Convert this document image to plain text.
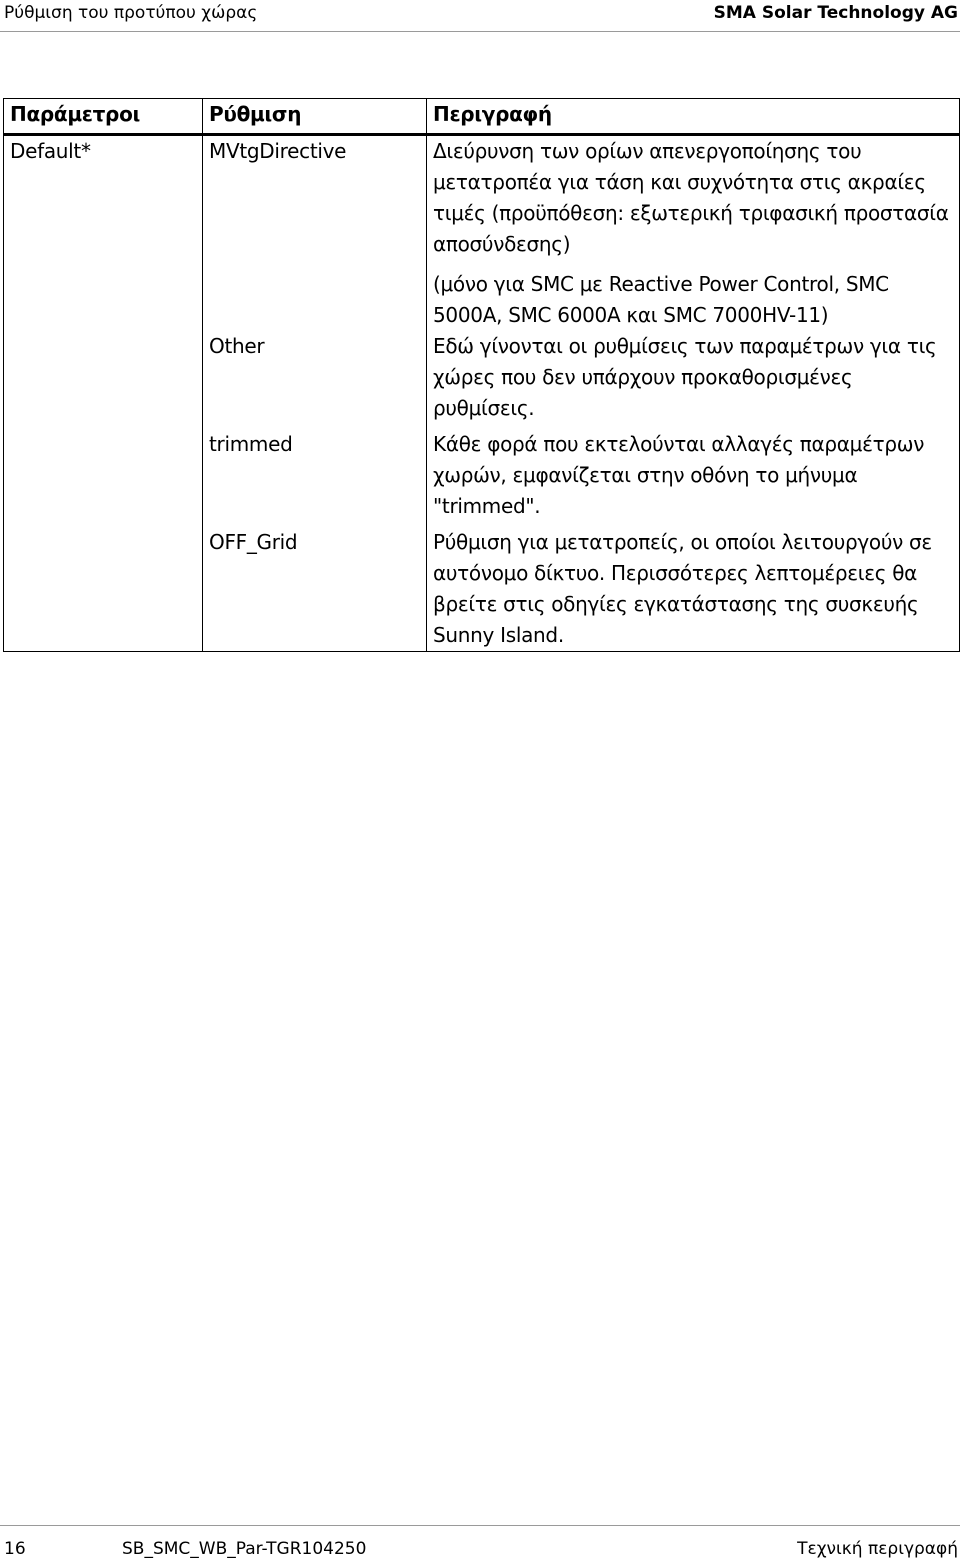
Ρύθμιση του προτύπου χώρας	SMA Solar Technology AG
Παράμετροι	Ρύθμιση	Περιγραφή
Default*	MVtgDirective	Διεύρυνση των ορίων απενεργοποίησης του μετατροπέα για τάση και συχνότητα στις ακραίες τιμές (προϋπόθεση: εξωτερική τριφασική προστασία αποσύνδεσης)
(μόνο για SMC με Reactive Power Control, SMC 5000A, SMC 6000A και SMC 7000HV-11)

	Other	Εδώ γίνονται οι ρυθμίσεις των παραμέτρων για τις χώρες που δεν υπάρχουν προκαθορισμένες ρυθμίσεις.
	trimmed	Κάθε φορά που εκτελούνται αλλαγές παραμέτρων χωρών, εμφανίζεται στην οθόνη το μήνυμα "trimmed".
	OFF_Grid	Ρύθμιση για μετατροπείς, οι οποίοι λειτουργούν σε αυτόνομο δίκτυο. Περισσότερες λεπτομέρειες θα βρείτε στις οδηγίες εγκατάστασης της συσκευής Sunny Island.
16	SB_SMC_WB_Par-TGR104250	Τεχνική περιγραφή
